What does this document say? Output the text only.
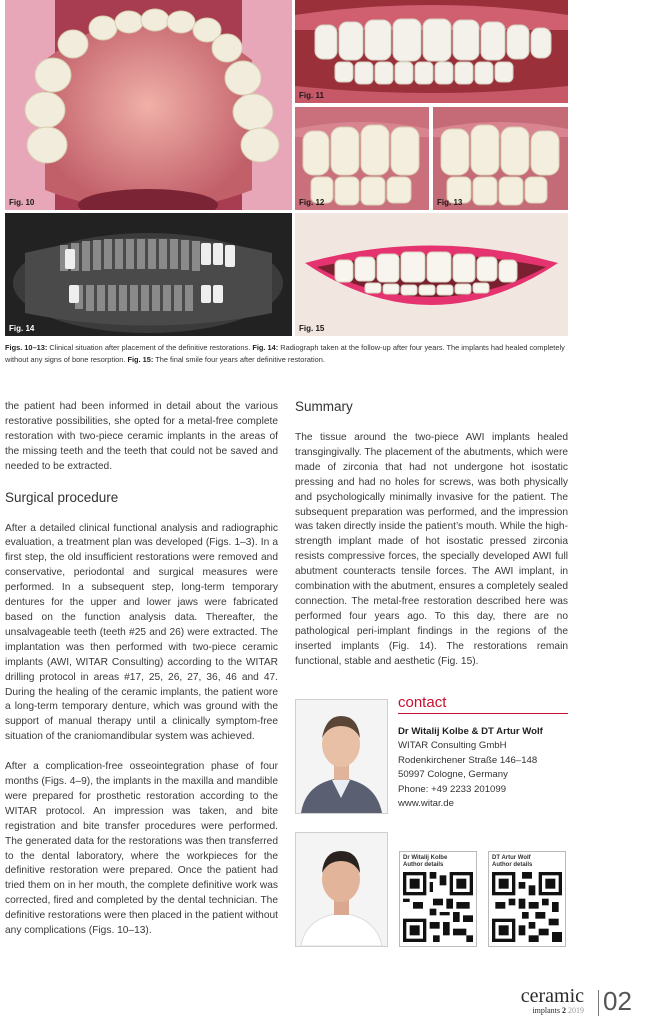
Fig. 10
Fig. 11
Fig. 12	Fig. 13
Fig. 14	Fig. 15
Figs. 10–13: Clinical situation after placement of the definitive restorations. Fig. 14: Radiograph taken at the follow-up after four years. The implants had healed completely without any signs of bone resorption. Fig. 15: The final smile four years after definitive restoration.

the patient had been informed in detail about the various restorative possibilities, she opted for a metal-free complete restoration with two-piece ceramic implants in the areas of the missing teeth and the teeth that could not be saved and needed to be extracted.

Surgical procedure

After a detailed clinical functional analysis and radiographic evaluation, a treatment plan was developed (Figs. 1–3). In a first step, the old insufficient restorations were removed and conservative, periodontal and surgical measures were performed. In a subsequent step, long-term temporary dentures for the upper and lower jaws were fabricated based on the function analysis data. Thereafter, the unsalvageable teeth (teeth #25 and 26) were extracted. The implantation was then performed with two-piece ceramic implants (AWI, WITAR Consulting) according to the WITAR drilling protocol in areas #17, 25, 26, 27, 36, 46 and 47. During the healing of the ceramic implants, the patient wore a long-term temporary denture, which was ground with the support of manual therapy until a clinically symptom-free situation of the craniomandibular system was achieved.

After a complication-free osseointegration phase of four months (Figs. 4–9), the implants in the maxilla and mandible were prepared for prosthetic restoration according to the WITAR protocol. An impression was taken, and bite registration and bite transfer procedures were performed. The generated data for the restorations was then transferred to the dental laboratory, where the workpieces for the definitive restoration were prepared. Once the patient had tried them on in her mouth, the complete definitive work was corrected, fired and completed by the dental technician. The definitive restorations were then placed in the patient without any complications (Figs. 10–13).

Summary

The tissue around the two-piece AWI implants healed transgingivally. The placement of the abutments, which were made of zirconia that had not undergone hot isostatic pressing and had no holes for screws, was both physically and psychologically minimally invasive for the patient. The subsequent preparation was performed, and the impression was taken directly inside the patient’s mouth. While the high-strength implant made of hot isostatic pressed zirconia resists compressive forces, the specially developed AWI full abutment counteracts tensile forces. The AWI implant, in combination with the abutment, ensures a completely sealed connection. The metal-free restoration described here was performed four years ago. To this day, there are no pathological peri-implant findings in the regions of the inserted implants (Fig. 14). The restorations remain functional, stable and aesthetic (Fig. 15).

contact
Dr Witalij Kolbe & DT Artur Wolf
WITAR Consulting GmbH
Rodenkirchener Straße 146–148
50997 Cologne, Germany
Phone: +49 2233 201099
www.witar.de
Dr Witalij Kolbe
Author details
DT Artur Wolf
Author details
ceramic
implants 2 2019 02
